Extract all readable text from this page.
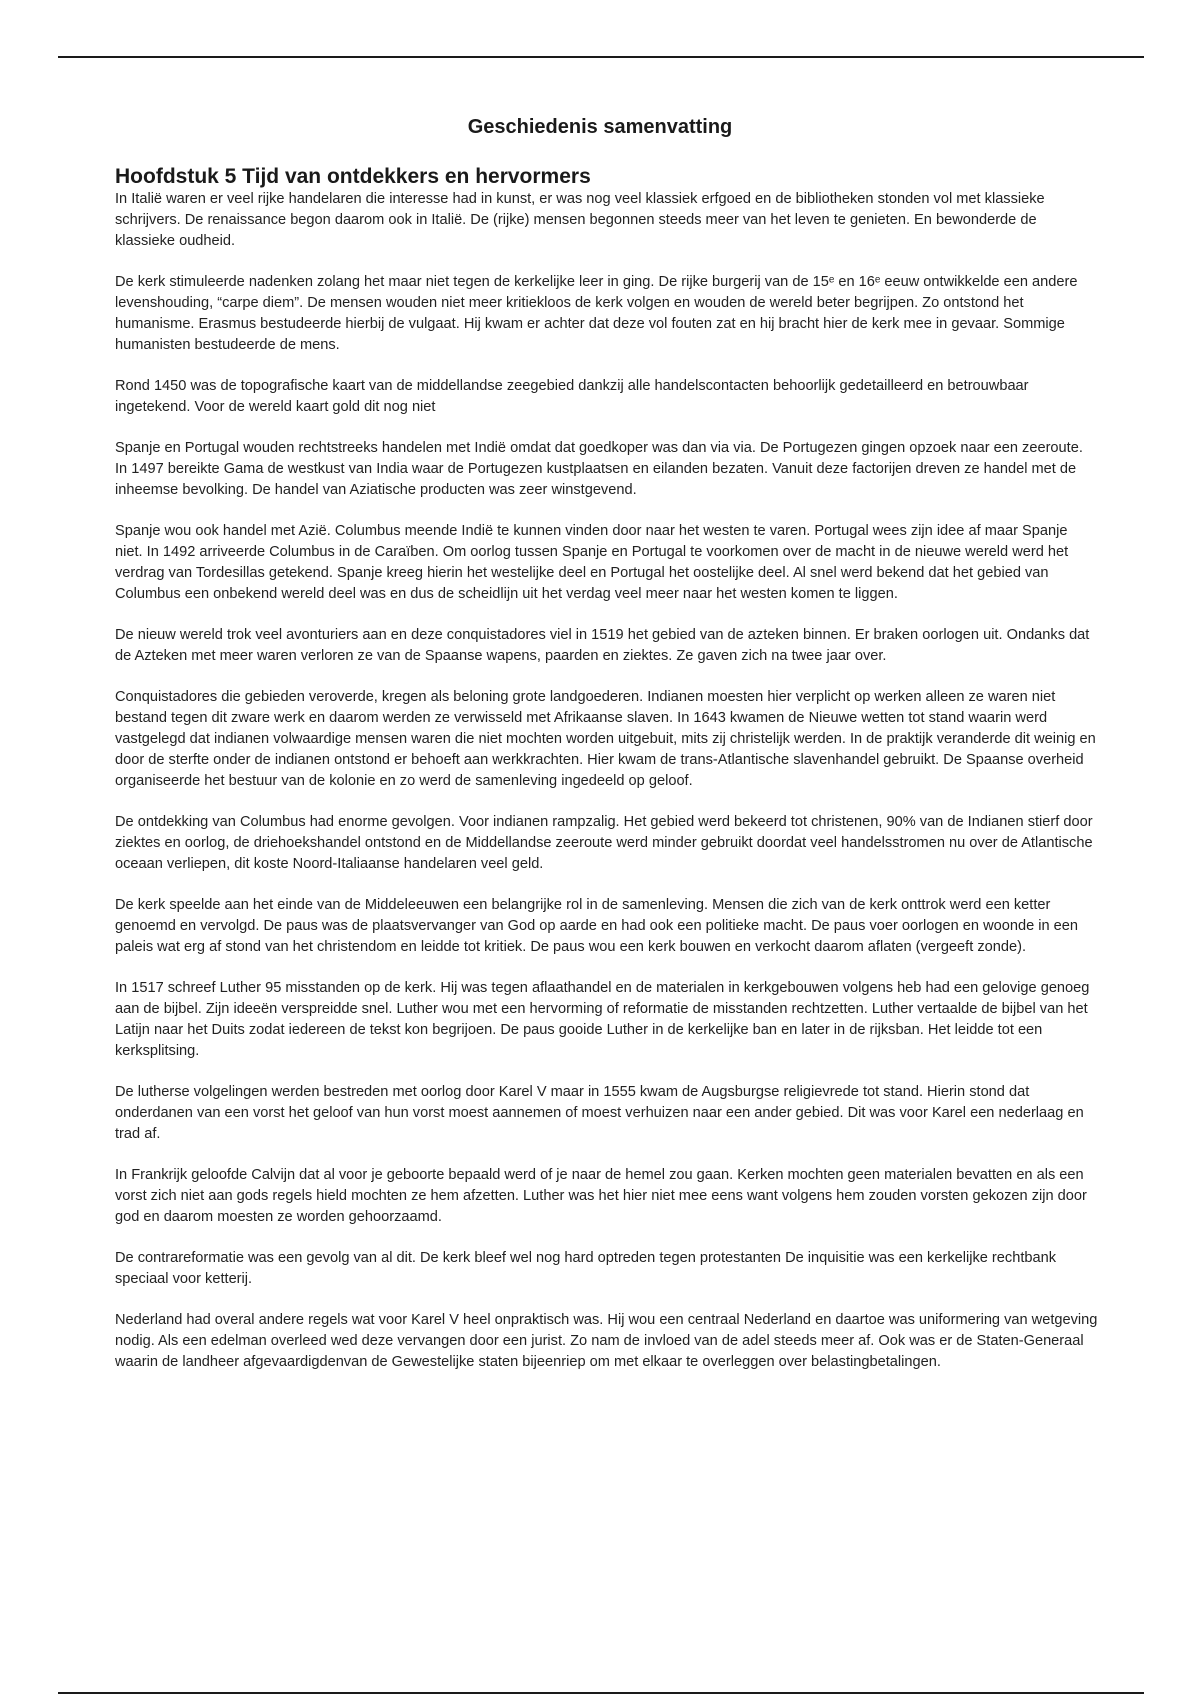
Geschiedenis samenvatting
Hoofdstuk 5 Tijd van ontdekkers en hervormers

In Italië waren er veel rijke handelaren die interesse had in kunst, er was nog veel klassiek erfgoed en de bibliotheken stonden vol met klassieke schrijvers. De renaissance begon daarom ook in Italië. De (rijke) mensen begonnen steeds meer van het leven te genieten. En bewonderde de klassieke oudheid.

De kerk stimuleerde nadenken zolang het maar niet tegen de kerkelijke leer in ging. De rijke burgerij van de 15ᵉ en 16ᵉ eeuw ontwikkelde een andere levenshouding, “carpe diem”. De mensen wouden niet meer kritiekloos de kerk volgen en wouden de wereld beter begrijpen. Zo ontstond het humanisme. Erasmus bestudeerde hierbij de vulgaat. Hij kwam er achter dat deze vol fouten zat en hij bracht hier de kerk mee in gevaar. Sommige humanisten bestudeerde de mens.

Rond 1450 was de topografische kaart van de middellandse zeegebied dankzij alle handelscontacten behoorlijk gedetailleerd en betrouwbaar ingetekend. Voor de wereld kaart gold dit nog niet

Spanje en Portugal wouden rechtstreeks handelen met Indië omdat dat goedkoper was dan via via. De Portugezen gingen opzoek naar een zeeroute. In 1497 bereikte Gama de westkust van India waar de Portugezen kustplaatsen en eilanden bezaten. Vanuit deze factorijen dreven ze handel met de inheemse bevolking. De handel van Aziatische producten was zeer winstgevend.

Spanje wou ook handel met Azië. Columbus meende Indië te kunnen vinden door naar het westen te varen. Portugal wees zijn idee af maar Spanje niet. In 1492 arriveerde Columbus in de Caraïben. Om oorlog tussen Spanje en Portugal te voorkomen over de macht in de nieuwe wereld werd het verdrag van Tordesillas getekend. Spanje kreeg hierin het westelijke deel en Portugal het oostelijke deel. Al snel werd bekend dat het gebied van Columbus een onbekend wereld deel was en dus de scheidlijn uit het verdag veel meer naar het westen komen te liggen.

De nieuw wereld trok veel avonturiers aan en deze conquistadores viel in 1519 het gebied van de azteken binnen. Er braken oorlogen uit. Ondanks dat de Azteken met meer waren verloren ze van de Spaanse wapens, paarden en ziektes. Ze gaven zich na twee jaar over.

Conquistadores die gebieden veroverde, kregen als beloning grote landgoederen. Indianen moesten hier verplicht op werken alleen ze waren niet bestand tegen dit zware werk en daarom werden ze verwisseld met Afrikaanse slaven. In 1643 kwamen de Nieuwe wetten tot stand waarin werd vastgelegd dat indianen volwaardige mensen waren die niet mochten worden uitgebuit, mits zij christelijk werden. In de praktijk veranderde dit weinig en door de sterfte onder de indianen ontstond er behoeft aan werkkrachten. Hier kwam de trans-Atlantische slavenhandel gebruikt. De Spaanse overheid organiseerde het bestuur van de kolonie en zo werd de samenleving ingedeeld op geloof.

De ontdekking van Columbus had enorme gevolgen. Voor indianen rampzalig. Het gebied werd bekeerd tot christenen, 90% van de Indianen stierf door ziektes en oorlog, de driehoekshandel ontstond en de Middellandse zeeroute werd minder gebruikt doordat veel handelsstromen nu over de Atlantische oceaan verliepen, dit koste Noord-Italiaanse handelaren veel geld.

De kerk speelde aan het einde van de Middeleeuwen een belangrijke rol in de samenleving. Mensen die zich van de kerk onttrok werd een ketter genoemd en vervolgd. De paus was de plaatsvervanger van God op aarde en had ook een politieke macht. De paus voer oorlogen en woonde in een paleis wat erg af stond van het christendom en leidde tot kritiek. De paus wou een kerk bouwen en verkocht daarom aflaten (vergeeft zonde).

In 1517 schreef Luther 95 misstanden op de kerk. Hij was tegen aflaathandel en de materialen in kerkgebouwen volgens heb had een gelovige genoeg aan de bijbel. Zijn ideeën verspreidde snel. Luther wou met een hervorming of reformatie de misstanden rechtzetten. Luther vertaalde de bijbel van het Latijn naar het Duits zodat iedereen de tekst kon begrijoen. De paus gooide Luther in de kerkelijke ban en later in de rijksban. Het leidde tot een kerksplitsing.

De lutherse volgelingen werden bestreden met oorlog door Karel V maar in 1555 kwam de Augsburgse religievrede tot stand. Hierin stond dat onderdanen van een vorst het geloof van hun vorst moest aannemen of moest verhuizen naar een ander gebied. Dit was voor Karel een nederlaag en trad af.

In Frankrijk geloofde Calvijn dat al voor je geboorte bepaald werd of je naar de hemel zou gaan. Kerken mochten geen materialen bevatten en als een vorst zich niet aan gods regels hield mochten ze hem afzetten. Luther was het hier niet mee eens want volgens hem zouden vorsten gekozen zijn door god en daarom moesten ze worden gehoorzaamd.

De contrareformatie was een gevolg van al dit. De kerk bleef wel nog hard optreden tegen protestanten De inquisitie was een kerkelijke rechtbank speciaal voor ketterij.

Nederland had overal andere regels wat voor Karel V heel onpraktisch was. Hij wou een centraal Nederland en daartoe was uniformering van wetgeving nodig. Als een edelman overleed wed deze vervangen door een jurist. Zo nam de invloed van de adel steeds meer af. Ook was er de Staten-Generaal waarin de landheer afgevaardigdenvan de Gewestelijke staten bijeenriep om met elkaar te overleggen over belastingbetalingen.
